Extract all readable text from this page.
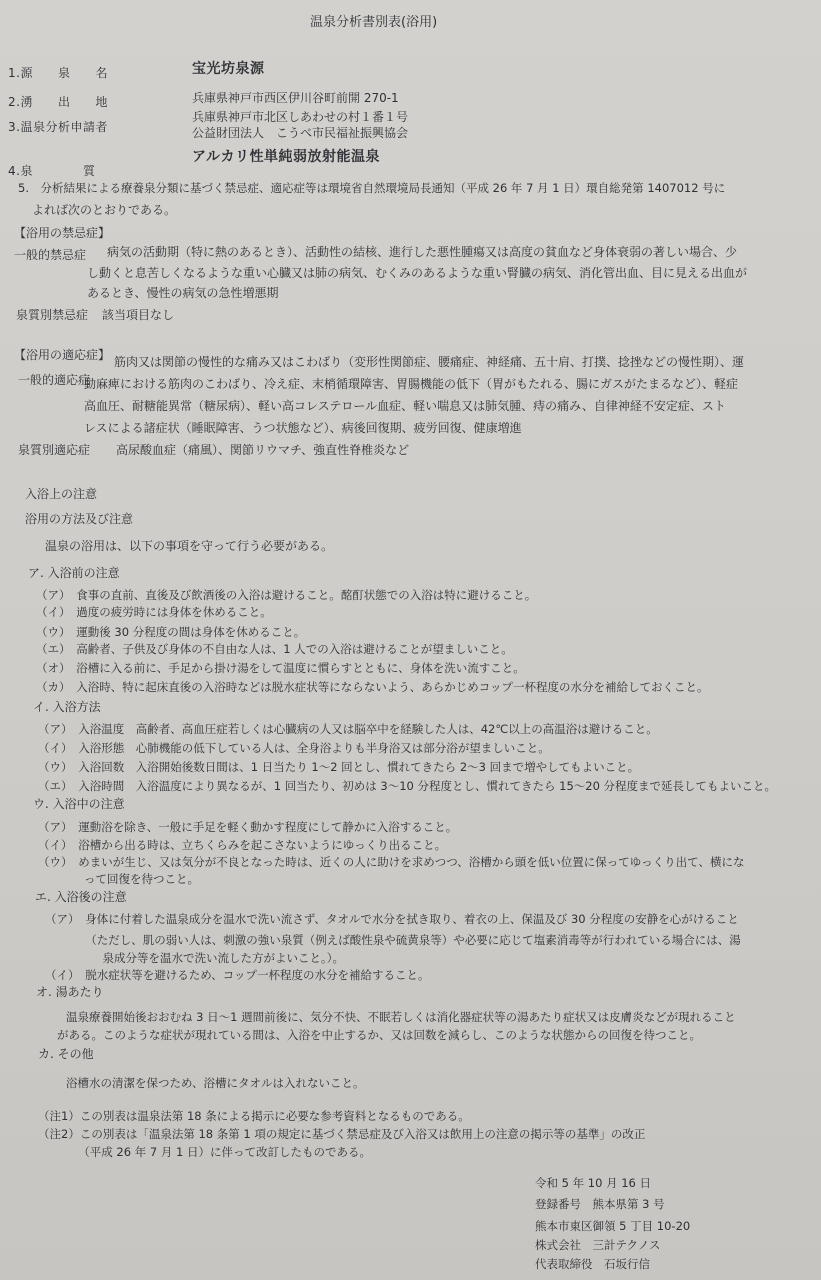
温泉分析書別表(浴用)
1.源　　泉　　名	宝光坊泉源
2.湧　　出　　地	兵庫県神戸市西区伊川谷町前開 270-1
3.温泉分析申請者
兵庫県神戸市北区しあわせの村１番１号
公益財団法人　こうべ市民福祉振興協会
4.泉　　　　質
アルカリ性単純弱放射能温泉
5.　分析結果による療養泉分類に基づく禁忌症、適応症等は環境省自然環境局長通知（平成 26 年 7 月 1 日）環自総発第 1407012 号に
よれば次のとおりである。
【浴用の禁忌症】
一般的禁忌症 病気の活動期（特に熱のあるとき）、活動性の結核、進行した悪性腫瘍又は高度の貧血など身体衰弱の著しい場合、少
し動くと息苦しくなるような重い心臓又は肺の病気、むくみのあるような重い腎臓の病気、消化管出血、目に見える出血が
あるとき、慢性の病気の急性増悪期
泉質別禁忌症 該当項目なし
【浴用の適応症】
一般的適応症
筋肉又は関節の慢性的な痛み又はこわばり（変形性関節症、腰痛症、神経痛、五十肩、打撲、捻挫などの慢性期）、運
動麻痺における筋肉のこわばり、冷え症、末梢循環障害、胃腸機能の低下（胃がもたれる、腸にガスがたまるなど）、軽症
高血圧、耐糖能異常（糖尿病）、軽い高コレステロール血症、軽い喘息又は肺気腫、痔の痛み、自律神経不安定症、スト
レスによる諸症状（睡眠障害、うつ状態など）、病後回復期、疲労回復、健康増進
泉質別適応症 高尿酸血症（痛風）、関節リウマチ、強直性脊椎炎など
入浴上の注意
浴用の方法及び注意
温泉の浴用は、以下の事項を守って行う必要がある。
ア. 入浴前の注意
（ア）　食事の直前、直後及び飲酒後の入浴は避けること。酩酊状態での入浴は特に避けること。
（イ）　過度の疲労時には身体を休めること。
（ウ）　運動後 30 分程度の間は身体を休めること。
（エ）　高齢者、子供及び身体の不自由な人は、1 人での入浴は避けることが望ましいこと。
（オ）　浴槽に入る前に、手足から掛け湯をして温度に慣らすとともに、身体を洗い流すこと。
（カ）　入浴時、特に起床直後の入浴時などは脱水症状等にならないよう、あらかじめコップ一杯程度の水分を補給しておくこと。
イ. 入浴方法
（ア）　入浴温度　高齢者、高血圧症若しくは心臓病の人又は脳卒中を経験した人は、42℃以上の高温浴は避けること。
（イ）　入浴形態　心肺機能の低下している人は、全身浴よりも半身浴又は部分浴が望ましいこと。
（ウ）　入浴回数　入浴開始後数日間は、1 日当たり 1～2 回とし、慣れてきたら 2～3 回まで増やしてもよいこと。
（エ）　入浴時間　入浴温度により異なるが、1 回当たり、初めは 3～10 分程度とし、慣れてきたら 15～20 分程度まで延長してもよいこと。
ウ. 入浴中の注意
（ア）　運動浴を除き、一般に手足を軽く動かす程度にして静かに入浴すること。
（イ）　浴槽から出る時は、立ちくらみを起こさないようにゆっくり出ること。
（ウ）　めまいが生じ、又は気分が不良となった時は、近くの人に助けを求めつつ、浴槽から頭を低い位置に保ってゆっくり出て、横にな
　　　　って回復を待つこと。
エ. 入浴後の注意
（ア）　身体に付着した温泉成分を温水で洗い流さず、タオルで水分を拭き取り、着衣の上、保温及び 30 分程度の安静を心がけること
　　　　（ただし、肌の弱い人は、刺激の強い泉質（例えば酸性泉や硫黄泉等）や必要に応じて塩素消毒等が行われている場合には、湯
　　　　　泉成分等を温水で洗い流した方がよいこと。）。
（イ）　脱水症状等を避けるため、コップ一杯程度の水分を補給すること。
オ. 湯あたり
温泉療養開始後おおむね 3 日～1 週間前後に、気分不快、不眠若しくは消化器症状等の湯あたり症状又は皮膚炎などが現れること
がある。このような症状が現れている間は、入浴を中止するか、又は回数を減らし、このような状態からの回復を待つこと。
カ. その他
浴槽水の清潔を保つため、浴槽にタオルは入れないこと。
（注1）この別表は温泉法第 18 条による掲示に必要な参考資料となるものである。
（注2）この別表は「温泉法第 18 条第 1 項の規定に基づく禁忌症及び入浴又は飲用上の注意の掲示等の基準」の改正
　　　　（平成 26 年 7 月 1 日）に伴って改訂したものである。
令和 5 年 10 月 16 日
登録番号　熊本県第 3 号
熊本市東区御領 5 丁目 10-20
株式会社　三計テクノス
代表取締役　石坂行信
